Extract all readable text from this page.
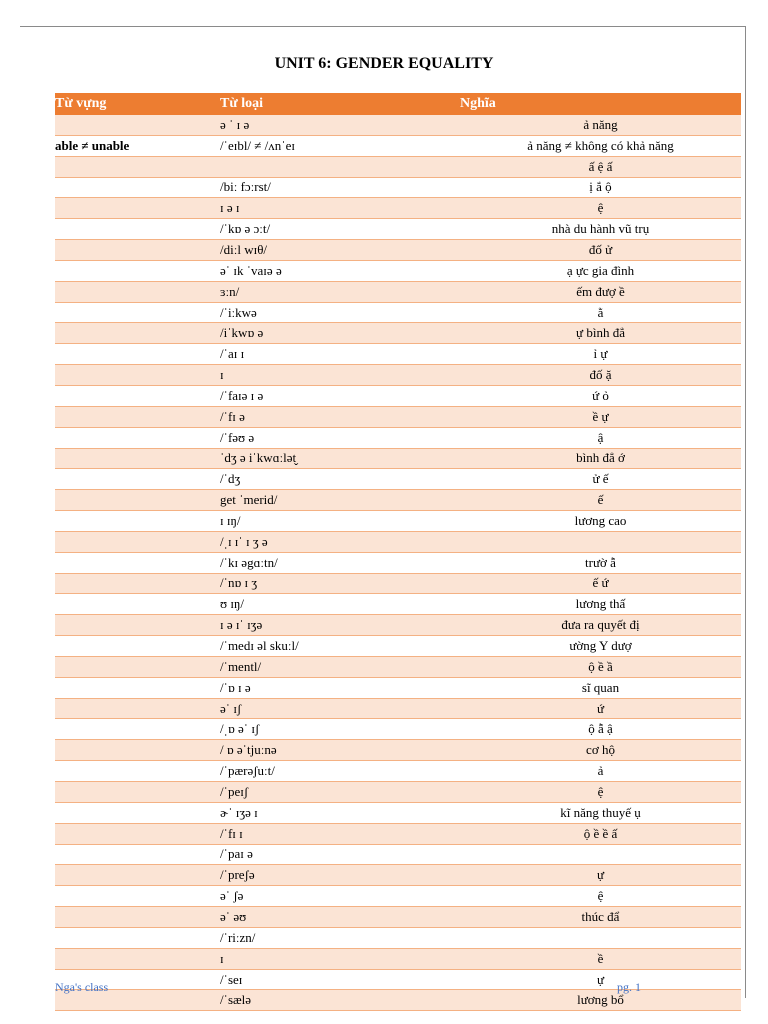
UNIT 6: GENDER EQUALITY
Từ vựng	Từ loại	Nghĩa
	ə ˈ ɪ ə	ả năng
able ≠ unable	/ˈeɪbl/ ≠ /ʌnˈeɪ	ả năng ≠ không có khả năng
		ấ ệ ấ
	/biː fɔːrst/	ị ắ ộ
	ɪ ə ɪ	ệ
	/ˈkɒ ə ɔːt/	nhà du hành vũ trụ
	/diːl wɪθ/	đố ử
	əˈ ɪk ˈvaɪə ə	ạ ực gia đình
	ɜːn/	ếm đượ ề
	/ˈiːkwə	ằ
	/iˈkwɒ ə	ự bình đẳ
	/ˈaɪ ɪ	ỉ ự
	ɪ	đố ặ
	/ˈfaɪə ɪ ə	ứ ỏ
	/ˈfɪ ə	ề ự
	/ˈfəʊ ə	ậ
	ˈdʒ ə iˈkwɑːlət̬	bình đẳ ớ
	/ˈdʒ	ử ế
	get ˈmerid/	ế
	ɪ ɪŋ/	lương cao
	/ˌɪ ɪˈ ɪ ʒ ə	
	/ˈkɪ əgɑːtn/	trườ ẫ
	/ˈnɒ ɪ ʒ	ế ứ
	ʊ ɪŋ/	lương thấ
	ɪ ə ɪˈ ɪʒə	đưa ra quyết đị
	/ˈmedɪ əl skuːl/	ường Y dượ
	/ˈmentl/	ộ ề ầ
	/ˈɒ ɪ ə	sĩ quan
	əˈ ɪʃ	ứ
	/ˌɒ əˈ ɪʃ	ộ ẫ ậ
	/ ɒ əˈtjuːnə	cơ hộ
	/ˈpærəʃuːt/	ả
	/ˈpeɪʃ	ệ
	ɚˈ ɪʒə ɪ	kĩ năng thuyế ụ
	/ˈfɪ ɪ	ộ ề ề ấ
	/ˈpaɪ ə	
	/ˈpreʃə	ự
	əˈ ʃə	ệ
	əˈ əʊ	thúc đẩ
	/ˈriːzn/	
	ɪ	ề
	/ˈseɪ	ự
	/ˈsælə	lương bổ
Nga's class	pg. 1
